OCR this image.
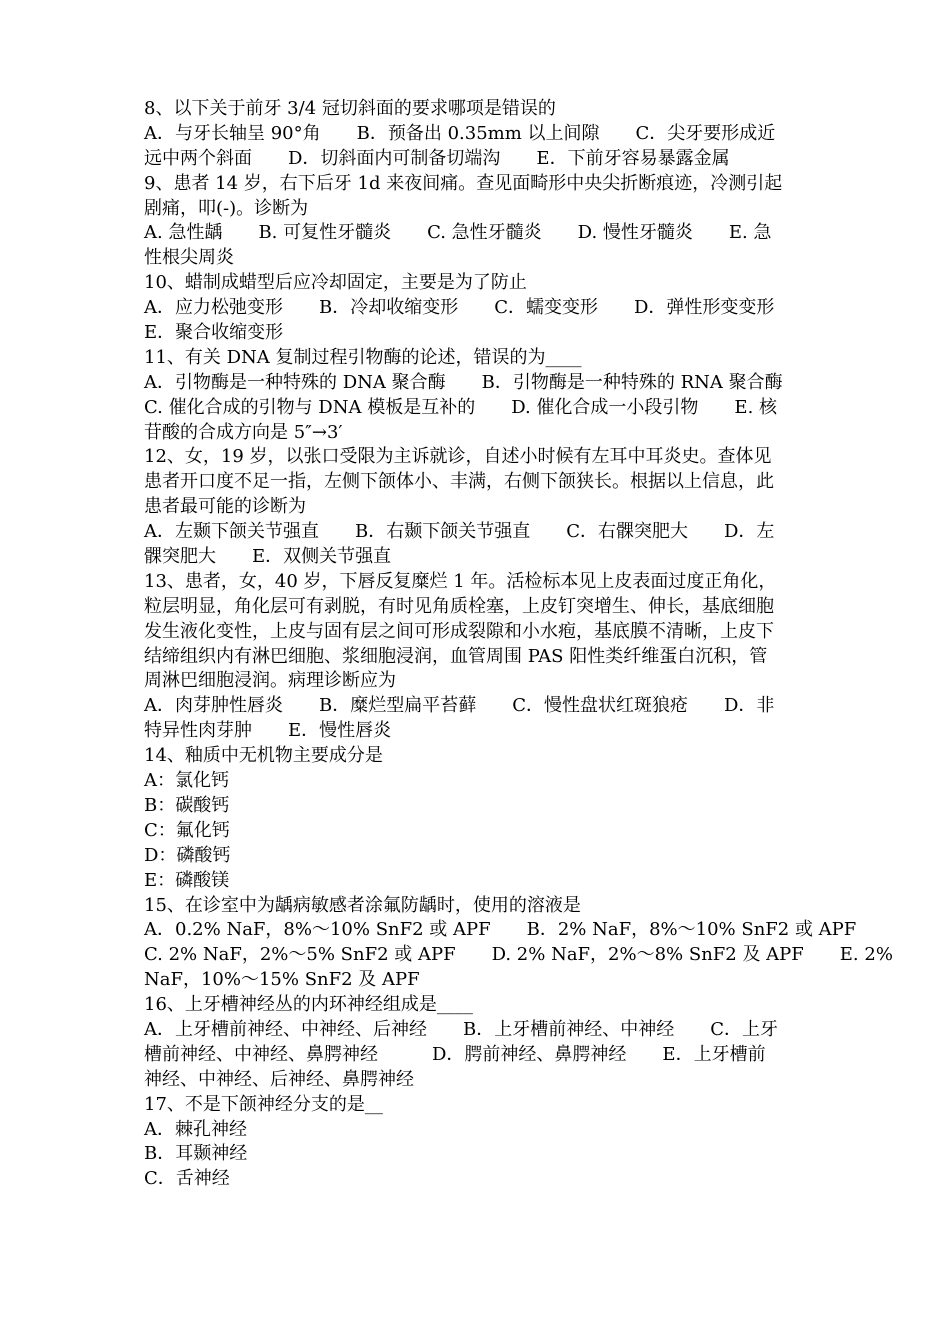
8、以下关于前牙 3/4 冠切斜面的要求哪项是错误的
A．与牙长轴呈 90°角　　B．预备出 0.35mm 以上间隙　　C．尖牙要形成近
远中两个斜面　　D．切斜面内可制备切端沟　　E．下前牙容易暴露金属
9、患者 14 岁，右下后牙 1d 来夜间痛。查见面畸形中央尖折断痕迹，冷测引起
剧痛，叩(-)。诊断为
A. 急性龋　　B. 可复性牙髓炎　　C. 急性牙髓炎　　D. 慢性牙髓炎　　E. 急
性根尖周炎
10、蜡制成蜡型后应冷却固定，主要是为了防止
A．应力松弛变形　　B．冷却收缩变形　　C．蠕变变形　　D．弹性形变变形
E．聚合收缩变形
11、有关 DNA 复制过程引物酶的论述，错误的为____
A．引物酶是一种特殊的 DNA 聚合酶　　B．引物酶是一种特殊的 RNA 聚合酶
C. 催化合成的引物与 DNA 模板是互补的　　D. 催化合成一小段引物　　E. 核
苷酸的合成方向是 5″→3′
12、女，19 岁，以张口受限为主诉就诊，自述小时候有左耳中耳炎史。查体见
患者开口度不足一指，左侧下颌体小、丰满，右侧下颌狭长。根据以上信息，此
患者最可能的诊断为
A．左颞下颌关节强直　　B．右颞下颌关节强直　　C．右髁突肥大　　D．左
髁突肥大　　E．双侧关节强直
13、患者，女，40 岁，下唇反复糜烂 1 年。活检标本见上皮表面过度正角化，
粒层明显，角化层可有剥脱，有时见角质栓塞，上皮钉突增生、伸长，基底细胞
发生液化变性，上皮与固有层之间可形成裂隙和小水疱，基底膜不清晰，上皮下
结缔组织内有淋巴细胞、浆细胞浸润，血管周围 PAS 阳性类纤维蛋白沉积，管
周淋巴细胞浸润。病理诊断应为
A．肉芽肿性唇炎　　B．糜烂型扁平苔藓　　C．慢性盘状红斑狼疮　　D．非
特异性肉芽肿　　E．慢性唇炎
14、釉质中无机物主要成分是
A：氯化钙
B：碳酸钙
C：氟化钙
D：磷酸钙
E：磷酸镁
15、在诊室中为龋病敏感者涂氟防龋时，使用的溶液是
A．0.2% NaF，8%～10% SnF2 或 APF　　B．2% NaF，8%～10% SnF2 或 APF
C. 2% NaF，2%～5% SnF2 或 APF　　D. 2% NaF，2%～8% SnF2 及 APF　　E. 2%
NaF，10%～15% SnF2 及 APF
16、上牙槽神经丛的内环神经组成是____
A．上牙槽前神经、中神经、后神经　　B．上牙槽前神经、中神经　　C．上牙
槽前神经、中神经、鼻腭神经　　　D．腭前神经、鼻腭神经　　E．上牙槽前
神经、中神经、后神经、鼻腭神经
17、不是下颌神经分支的是__
A．棘孔神经
B．耳颞神经
C．舌神经
